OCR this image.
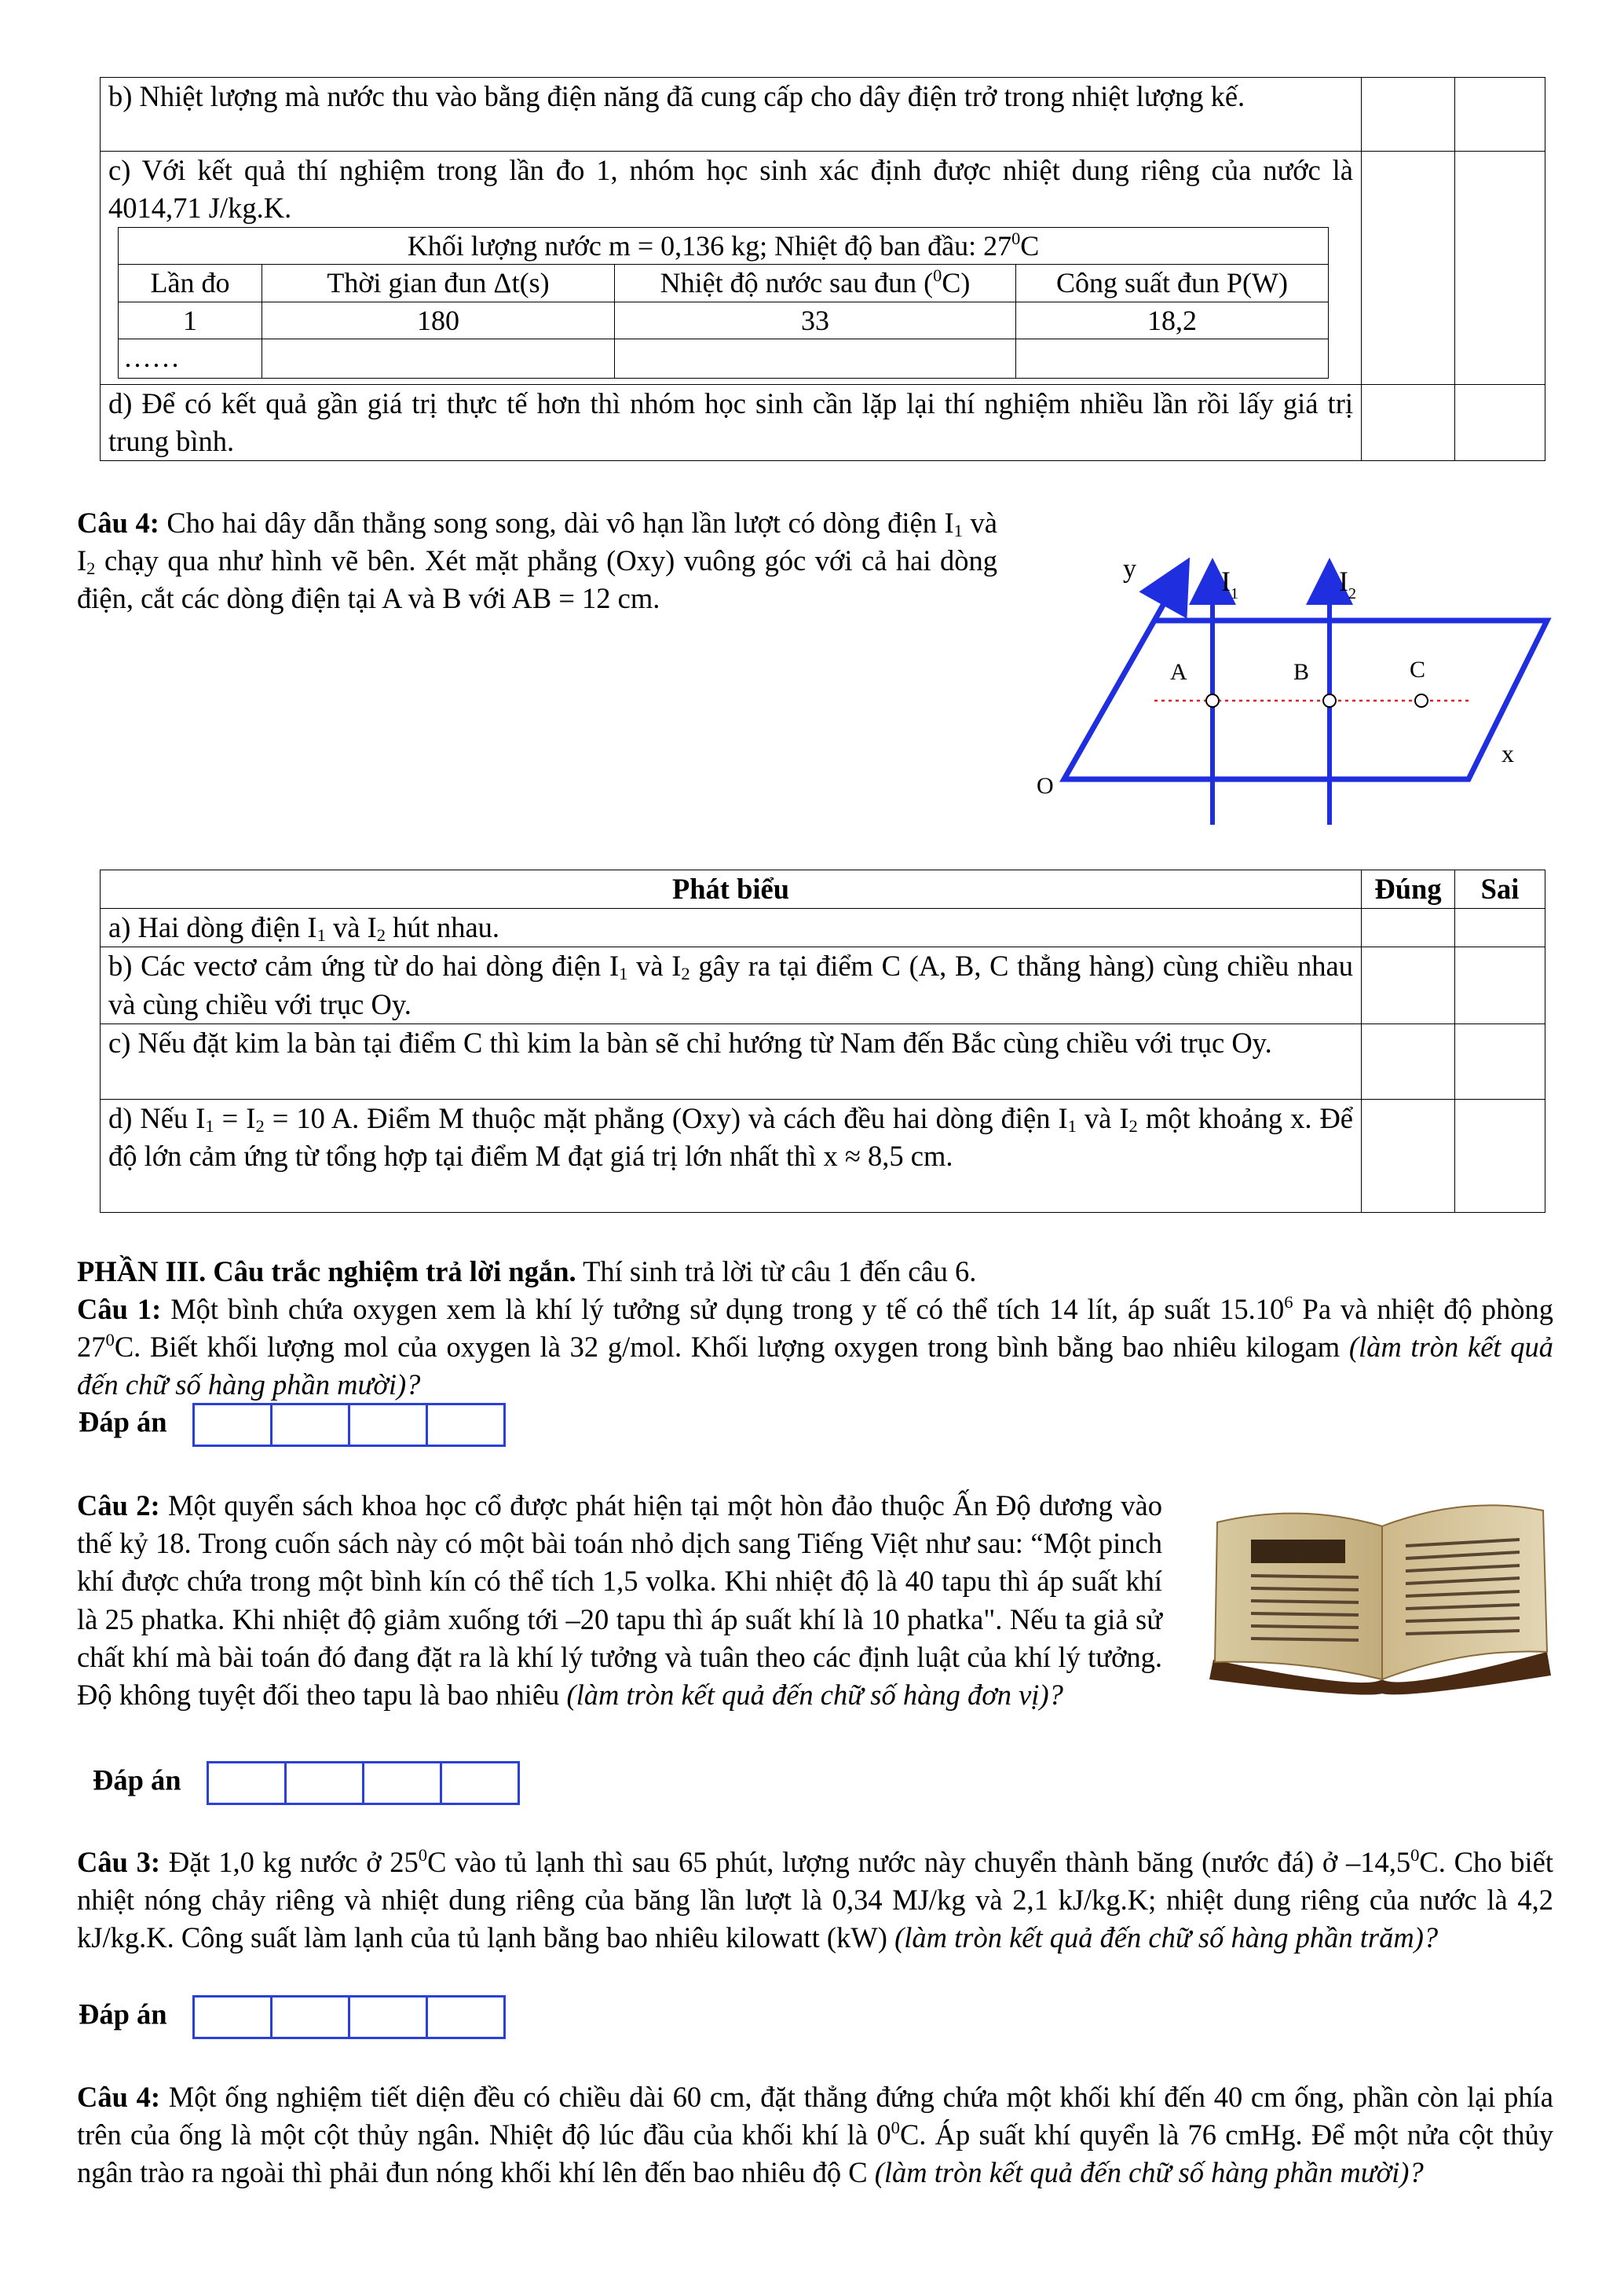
b) Nhiệt lượng mà nước thu vào bằng điện năng đã cung cấp cho dây điện trở trong nhiệt lượng kế.		

c) Với kết quả thí nghiệm trong lần đo 1, nhóm học sinh xác định được nhiệt dung riêng của nước là 4014,71 J/kg.K.
Khối lượng nước m = 0,136 kg; Nhiệt độ ban đầu: $27^0C$
Lần đo	Thời gian đun Δt(s)	Nhiệt độ nước sau đun ($^0$C)	Công suất đun P(W)
1	180	33	18,2
……			

d) Để có kết quả gần giá trị thực tế hơn thì nhóm học sinh cần lặp lại thí nghiệm nhiều lần rồi lấy giá trị trung bình.		
Câu 4: Cho hai dây dẫn thẳng song song, dài vô hạn lần lượt có dòng điện $I_1$ và $I_2$ chạy qua như hình vẽ bên. Xét mặt phẳng (Oxy) vuông góc với cả hai dòng điện, cắt các dòng điện tại A và B với AB = 12 cm.
y	$I_1$	$I_2$
A	B	C
x
O
Phát biểu	Đúng	Sai
a) Hai dòng điện $I_1$ và $I_2$ hút nhau.		
b) Các vectơ cảm ứng từ do hai dòng điện $I_1$ và $I_2$ gây ra tại điểm C (A, B, C thẳng hàng) cùng chiều nhau và cùng chiều với trục Oy.		
c) Nếu đặt kim la bàn tại điểm C thì kim la bàn sẽ chỉ hướng từ Nam đến Bắc cùng chiều với trục Oy.		
d) Nếu $I_1 = I_2 = 10$ A. Điểm M thuộc mặt phẳng (Oxy) và cách đều hai dòng điện $I_1$ và $I_2$ một khoảng x. Để độ lớn cảm ứng từ tổng hợp tại điểm M đạt giá trị lớn nhất thì x ≈ 8,5 cm.		
PHẦN III. Câu trắc nghiệm trả lời ngắn. Thí sinh trả lời từ câu 1 đến câu 6.
Câu 1: Một bình chứa oxygen xem là khí lý tưởng sử dụng trong y tế có thể tích 14 lít, áp suất 15.10$^6$ Pa và nhiệt độ phòng $27^0C$. Biết khối lượng mol của oxygen là 32 g/mol. Khối lượng oxygen trong bình bằng bao nhiêu kilogam (làm tròn kết quả đến chữ số hàng phần mười)?
Đáp án
Câu 2: Một quyển sách khoa học cổ được phát hiện tại một hòn đảo thuộc Ấn Độ dương vào thế kỷ 18. Trong cuốn sách này có một bài toán nhỏ dịch sang Tiếng Việt như sau: “Một pinch khí được chứa trong một bình kín có thể tích 1,5 volka. Khi nhiệt độ là 40 tapu thì áp suất khí là 25 phatka. Khi nhiệt độ giảm xuống tới –20 tapu thì áp suất khí là 10 phatka". Nếu ta giả sử chất khí mà bài toán đó đang đặt ra là khí lý tưởng và tuân theo các định luật của khí lý tưởng. Độ không tuyệt đối theo tapu là bao nhiêu (làm tròn kết quả đến chữ số hàng đơn vị)?
Đáp án
Câu 3: Đặt 1,0 kg nước ở $25^0C$ vào tủ lạnh thì sau 65 phút, lượng nước này chuyển thành băng (nước đá) ở –14,5$^0$C. Cho biết nhiệt nóng chảy riêng và nhiệt dung riêng của băng lần lượt là 0,34 MJ/kg và 2,1 kJ/kg.K; nhiệt dung riêng của nước là 4,2 kJ/kg.K. Công suất làm lạnh của tủ lạnh bằng bao nhiêu kilowatt (kW) (làm tròn kết quả đến chữ số hàng phần trăm)?
Đáp án
Câu 4: Một ống nghiệm tiết diện đều có chiều dài 60 cm, đặt thẳng đứng chứa một khối khí đến 40 cm ống, phần còn lại phía trên của ống là một cột thủy ngân. Nhiệt độ lúc đầu của khối khí là $0^0C$. Áp suất khí quyển là 76 cmHg. Để một nửa cột thủy ngân trào ra ngoài thì phải đun nóng khối khí lên đến bao nhiêu độ C (làm tròn kết quả đến chữ số hàng phần mười)?
